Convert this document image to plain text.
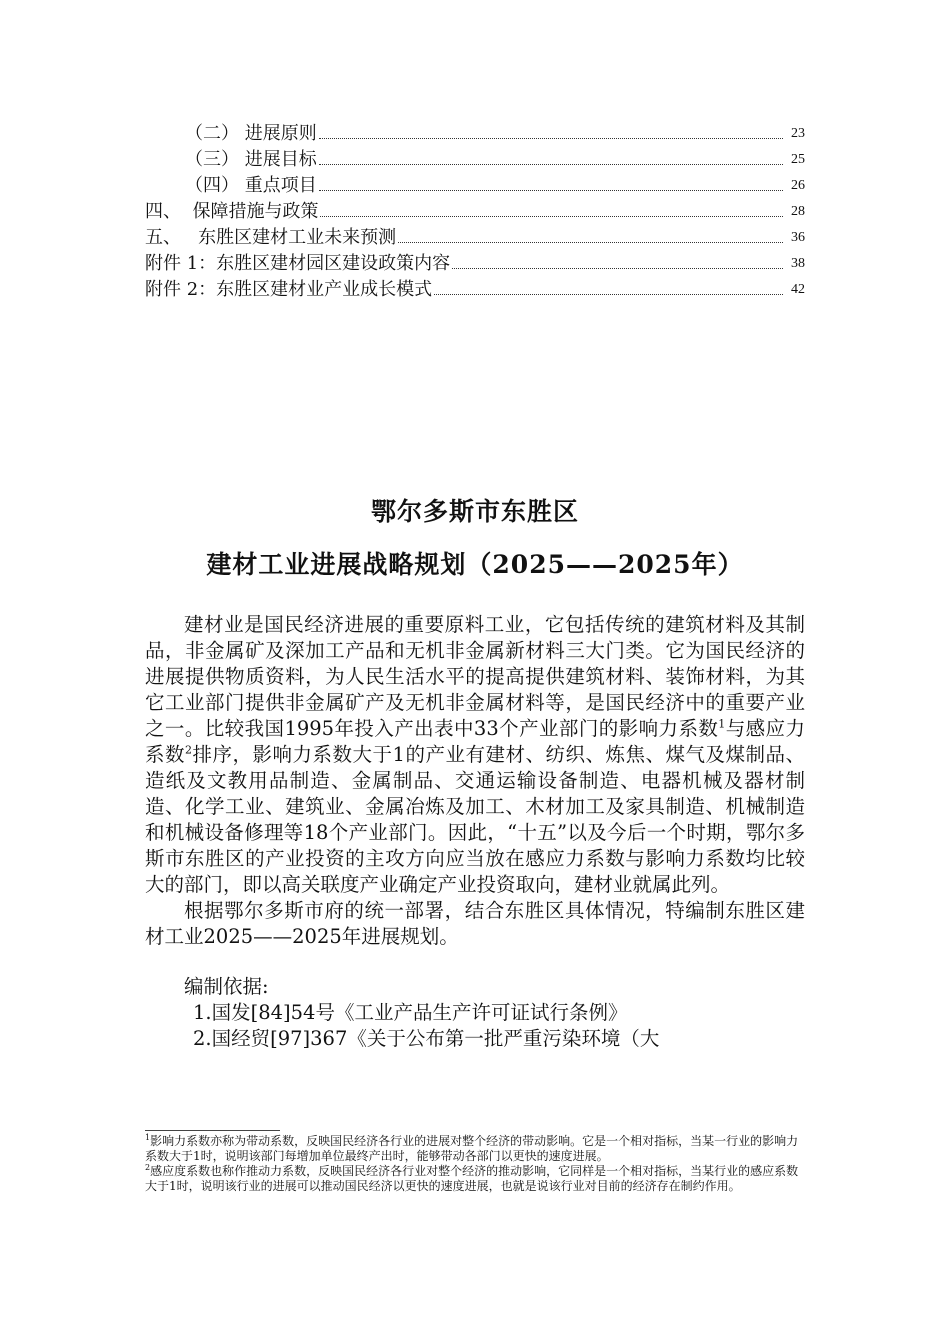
（二） 进展原则	23
（三） 进展目标	25
（四） 重点项目	26
四、  保障措施与政策	28
五、   东胜区建材工业未来预测	36
附件 1：东胜区建材园区建设政策内容	38
附件 2：东胜区建材业产业成长模式	42
鄂尔多斯市东胜区
建材工业进展战略规划（2025——2025年）

建材业是国民经济进展的重要原料工业，它包括传统的建筑材料及其制品，非金属矿及深加工产品和无机非金属新材料三大门类。它为国民经济的进展提供物质资料，为人民生活水平的提高提供建筑材料、装饰材料，为其它工业部门提供非金属矿产及无机非金属材料等，是国民经济中的重要产业之一。比较我国1995年投入产出表中33个产业部门的影响力系数$^1$与感应力系数$^2$排序，影响力系数大于1的产业有建材、纺织、炼焦、煤气及煤制品、造纸及文教用品制造、金属制品、交通运输设备制造、电器机械及器材制造、化学工业、建筑业、金属冶炼及加工、木材加工及家具制造、机械制造和机械设备修理等18个产业部门。因此，“十五”以及今后一个时期，鄂尔多斯市东胜区的产业投资的主攻方向应当放在感应力系数与影响力系数均比较大的部门，即以高关联度产业确定产业投资取向，建材业就属此列。

根据鄂尔多斯市府的统一部署，结合东胜区具体情况，特编制东胜区建材工业2025——2025年进展规划。

编制依据:

1.国发[84]54号《工业产品生产许可证试行条例》
2.国经贸[97]367《关于公布第一批严重污染环境（大
$^1$影响力系数亦称为带动系数，反映国民经济各行业的进展对整个经济的带动影响。它是一个相对指标，当某一行业的影响力系数大于1时，说明该部门每增加单位最终产出时，能够带动各部门以更快的速度进展。
$^2$感应度系数也称作推动力系数，反映国民经济各行业对整个经济的推动影响，它同样是一个相对指标，当某行业的感应系数大于1时，说明该行业的进展可以推动国民经济以更快的速度进展，也就是说该行业对目前的经济存在制约作用。
